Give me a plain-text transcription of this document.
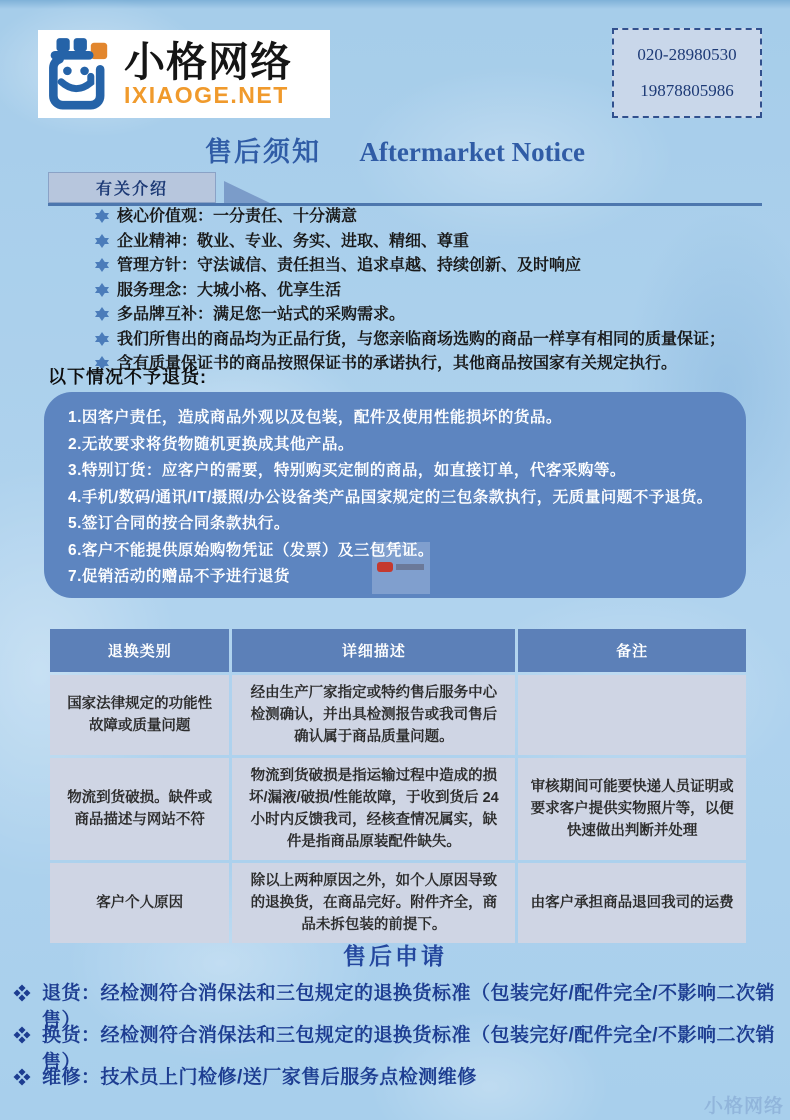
小格网络
IXIAOGE.NET
020-28980530
19878805986
售后须知 Aftermarket Notice
有关介绍
核心价值观：一分责任、十分满意
企业精神：敬业、专业、务实、进取、精细、尊重
管理方针：守法诚信、责任担当、追求卓越、持续创新、及时响应
服务理念：大城小格、优享生活
多品牌互补：满足您一站式的采购需求。
我们所售出的商品均为正品行货，与您亲临商场选购的商品一样享有相同的质量保证；
含有质量保证书的商品按照保证书的承诺执行，其他商品按国家有关规定执行。
以下情况不予退货:
1.因客户责任，造成商品外观以及包装，配件及使用性能损坏的货品。
2.无故要求将货物随机更换成其他产品。
3.特别订货：应客户的需要，特别购买定制的商品，如直接订单，代客采购等。
4.手机/数码/通讯/IT/摄照/办公设备类产品国家规定的三包条款执行，无质量问题不予退货。
5.签订合同的按合同条款执行。
6.客户不能提供原始购物凭证（发票）及三包凭证。
7.促销活动的赠品不予进行退货
退换类别	详细描述	备注
国家法律规定的功能性故障或质量问题	经由生产厂家指定或特约售后服务中心检测确认，并出具检测报告或我司售后确认属于商品质量问题。	
物流到货破损。缺件或商品描述与网站不符	物流到货破损是指运输过程中造成的损坏/漏液/破损/性能故障，于收到货后 24 小时内反馈我司，经核查情况属实，缺件是指商品原装配件缺失。	审核期间可能要快递人员证明或要求客户提供实物照片等，以便快速做出判断并处理
客户个人原因	除以上两种原因之外，如个人原因导致的退换货，在商品完好。附件齐全，商品未拆包装的前提下。	由客户承担商品退回我司的运费
售后申请
退货：经检测符合消保法和三包规定的退换货标准（包装完好/配件完全/不影响二次销售）
换货：经检测符合消保法和三包规定的退换货标准（包装完好/配件完全/不影响二次销售）
维修：技术员上门检修/送厂家售后服务点检测维修
小格网络
